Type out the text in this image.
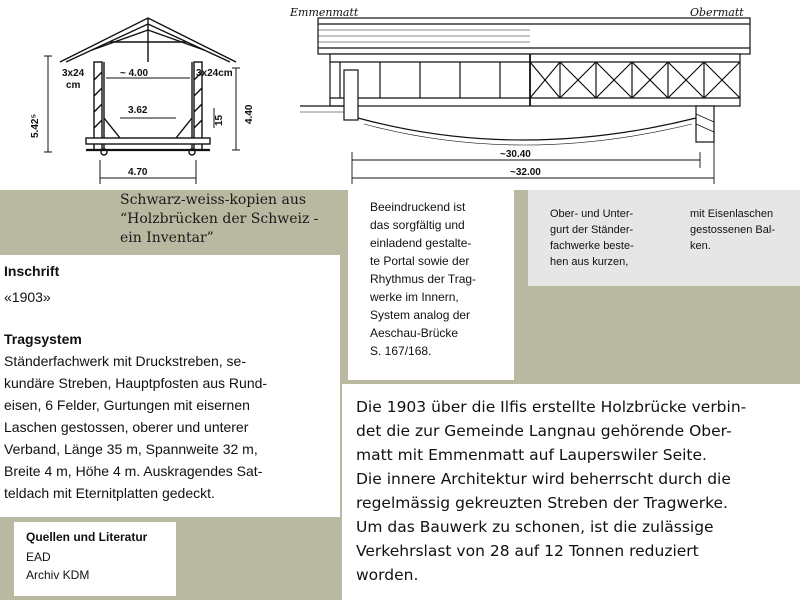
5.42⁵
~ 4.00
3x24
cm
3x24cm
3.62	4.40
15
4.70
Emmenmatt	Obermatt
~30.40
~32.00
Schwarz-weiss-kopien aus
“Holzbrücken der Schweiz -
ein Inventar”
Inschrift
«1903»
Tragsystem
Ständerfachwerk mit Druckstreben, se-
kundäre Streben, Hauptpfosten aus Rund-
eisen, 6 Felder, Gurtungen mit eisernen
Laschen gestossen, oberer und unterer
Verband, Länge 35 m, Spannweite 32 m,
Breite 4 m, Höhe 4 m. Auskragendes Sat-
teldach mit Eternitplatten gedeckt.
Quellen und Literatur
EAD
Archiv KDM
Beeindruckend ist
das sorgfältig und
einladend gestalte-
te Portal sowie der
Rhythmus der Trag-
werke im Innern,
System analog der
Aeschau-Brücke
S. 167/168.
Ober- und Unter-
gurt der Ständer-
fachwerke beste-
hen aus kurzen,
mit Eisenlaschen
gestossenen Bal-
ken.
Die 1903 über die Ilfis erstellte Holzbrücke verbin-
det die zur Gemeinde Langnau gehörende Ober-
matt mit Emmenmatt auf Lauperswiler Seite.
Die innere Architektur wird beherrscht durch die
regelmässig gekreuzten Streben der Tragwerke.
Um das Bauwerk zu schonen, ist die zulässige
Verkehrslast von 28 auf 12 Tonnen reduziert
worden.
